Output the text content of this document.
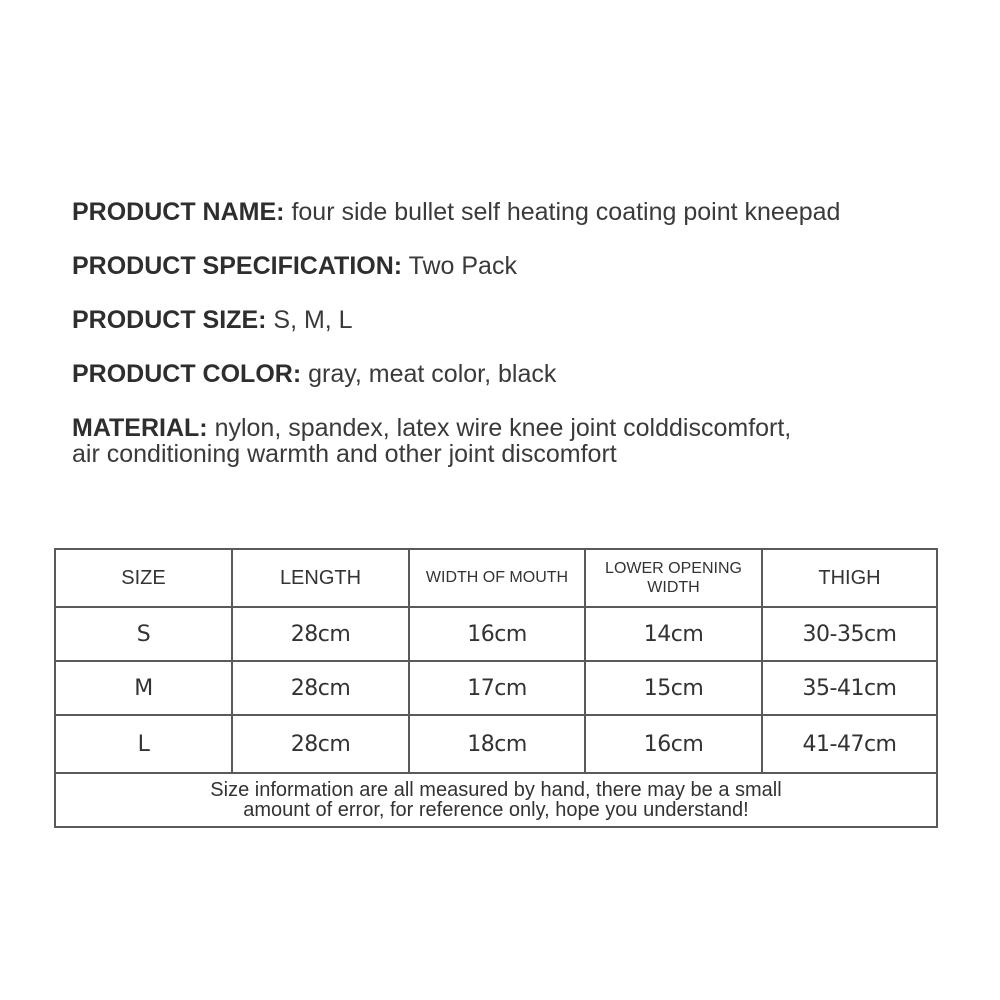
PRODUCT NAME: four side bullet self heating coating point kneepad
PRODUCT SPECIFICATION: Two Pack
PRODUCT SIZE: S, M, L
PRODUCT COLOR: gray, meat color, black
MATERIAL: nylon, spandex, latex wire knee joint colddiscomfort,
air conditioning warmth and other joint discomfort
SIZE	LENGTH	WIDTH OF MOUTH	LOWER OPENING WIDTH	THIGH
S	28cm	16cm	14cm	30-35cm
M	28cm	17cm	15cm	35-41cm
L	28cm	18cm	16cm	41-47cm

Size information are all measured by hand, there may be a small
amount of error, for reference only, hope you understand!				
